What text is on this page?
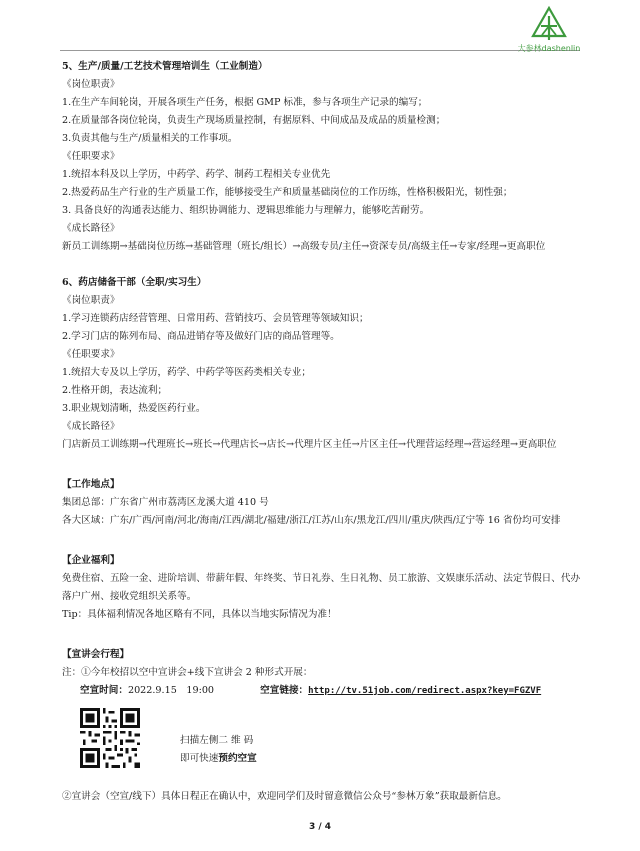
大参林dashenlin
5、生产/质量/工艺技术管理培训生（工业制造）
《岗位职责》
1.在生产车间轮岗，开展各项生产任务，根据 GMP 标准，参与各项生产记录的编写；
2.在质量部各岗位轮岗，负责生产现场质量控制，有据原料、中间成品及成品的质量检测；
3.负责其他与生产/质量相关的工作事项。
《任职要求》
1.统招本科及以上学历，中药学、药学、制药工程相关专业优先
2.热爱药品生产行业的生产质量工作，能够接受生产和质量基础岗位的工作历练，性格积极阳光，韧性强；
3. 具备良好的沟通表达能力、组织协调能力、逻辑思维能力与理解力，能够吃苦耐劳。
《成长路径》
新员工训练期→基础岗位历练→基础管理（班长/组长）→高级专员/主任→资深专员/高级主任→专家/经理→更高职位
6、药店储备干部（全职/实习生）
《岗位职责》
1.学习连锁药店经营管理、日常用药、营销技巧、会员管理等领域知识；
2.学习门店的陈列布局、商品进销存等及做好门店的商品管理等。
《任职要求》
1.统招大专及以上学历，药学、中药学等医药类相关专业；
2.性格开朗，表达流利；
3.职业规划清晰，热爱医药行业。
《成长路径》
门店新员工训练期→代理班长→班长→代理店长→店长→代理片区主任→片区主任→代理营运经理→营运经理→更高职位
【工作地点】
集团总部：广东省广州市荔湾区龙溪大道 410 号
各大区域：广东/广西/河南/河北/海南/江西/湖北/福建/浙江/江苏/山东/黑龙江/四川/重庆/陕西/辽宁等 16 省份均可安排
【企业福利】
免费住宿、五险一金、进阶培训、带薪年假、年终奖、节日礼券、生日礼物、员工旅游、文娱康乐活动、法定节假日、代办落户广州、接收党组织关系等。
Tip：具体福利情况各地区略有不同，具体以当地实际情况为准！
【宣讲会行程】
注：①今年校招以空中宣讲会+线下宣讲会 2 种形式开展：
空宣时间：2022.9.15　19:00	空宣链接：http://tv.51job.com/redirect.aspx?key=FGZVF
扫描左侧二 维 码
即可快速预约空宣
②宣讲会（空宣/线下）具体日程正在确认中，欢迎同学们及时留意微信公众号“参林万象”获取最新信息。
3 / 4
